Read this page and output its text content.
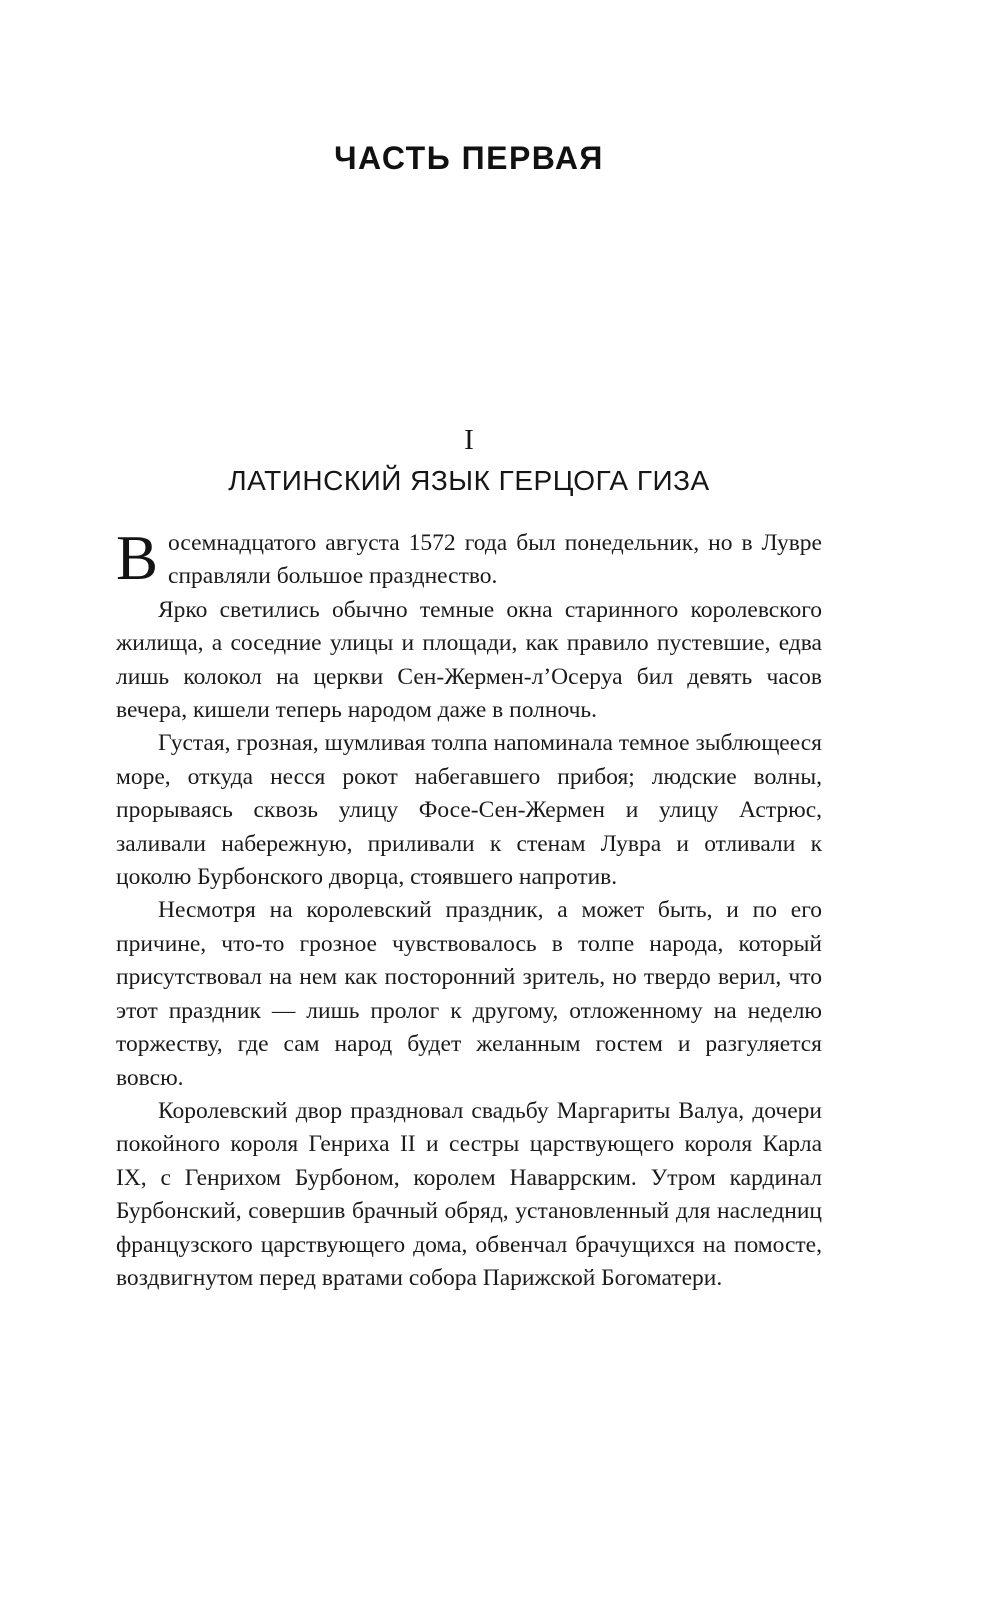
ЧАСТЬ ПЕРВАЯ
I
ЛАТИНСКИЙ ЯЗЫК ГЕРЦОГА ГИЗА

Восемнадцатого августа 1572 года был понедельник, но в Лувре справляли большое празднество.

Ярко светились обычно темные окна старинного королевского жилища, а соседние улицы и площади, как правило пустевшие, едва лишь колокол на церкви Сен-Жермен-л’Осеруа бил девять часов вечера, кишели теперь народом даже в полночь.

Густая, грозная, шумливая толпа напоминала темное зыблющееся море, откуда несся рокот набегавшего прибоя; людские волны, прорываясь сквозь улицу Фосе-Сен-Жермен и улицу Астрюс, заливали набережную, приливали к стенам Лувра и отливали к цоколю Бурбонского дворца, стоявшего напротив.

Несмотря на королевский праздник, а может быть, и по его причине, что-то грозное чувствовалось в толпе народа, который присутствовал на нем как посторонний зритель, но твердо верил, что этот праздник — лишь пролог к другому, отложенному на неделю торжеству, где сам народ будет желанным гостем и разгуляется вовсю.

Королевский двор праздновал свадьбу Маргариты Валуа, дочери покойного короля Генриха II и сестры царствующего короля Карла IX, с Генрихом Бурбоном, королем Наваррским. Утром кардинал Бурбонский, совершив брачный обряд, установленный для наследниц французского царствующего дома, обвенчал брачущихся на помосте, воздвигнутом перед вратами собора Парижской Богоматери.
